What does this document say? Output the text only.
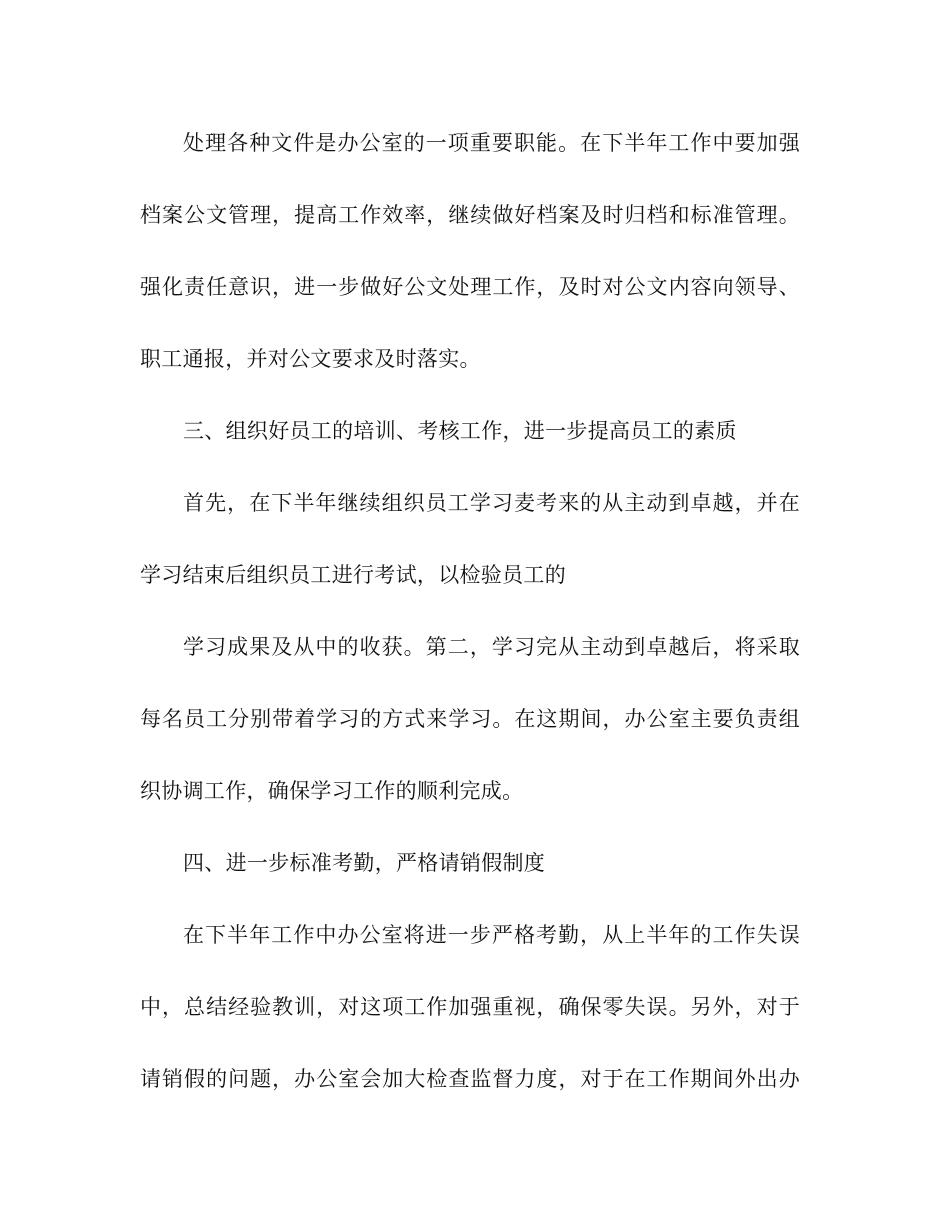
处理各种文件是办公室的一项重要职能。在下半年工作中要加强
档案公文管理，提高工作效率，继续做好档案及时归档和标准管理。
强化责任意识，进一步做好公文处理工作，及时对公文内容向领导、
职工通报，并对公文要求及时落实。
三、组织好员工的培训、考核工作，进一步提高员工的素质
首先，在下半年继续组织员工学习麦考来的从主动到卓越，并在
学习结束后组织员工进行考试，以检验员工的
学习成果及从中的收获。第二，学习完从主动到卓越后，将采取
每名员工分别带着学习的方式来学习。在这期间，办公室主要负责组
织协调工作，确保学习工作的顺利完成。
四、进一步标准考勤，严格请销假制度
在下半年工作中办公室将进一步严格考勤，从上半年的工作失误
中，总结经验教训，对这项工作加强重视，确保零失误。另外，对于
请销假的问题，办公室会加大检查监督力度，对于在工作期间外出办
